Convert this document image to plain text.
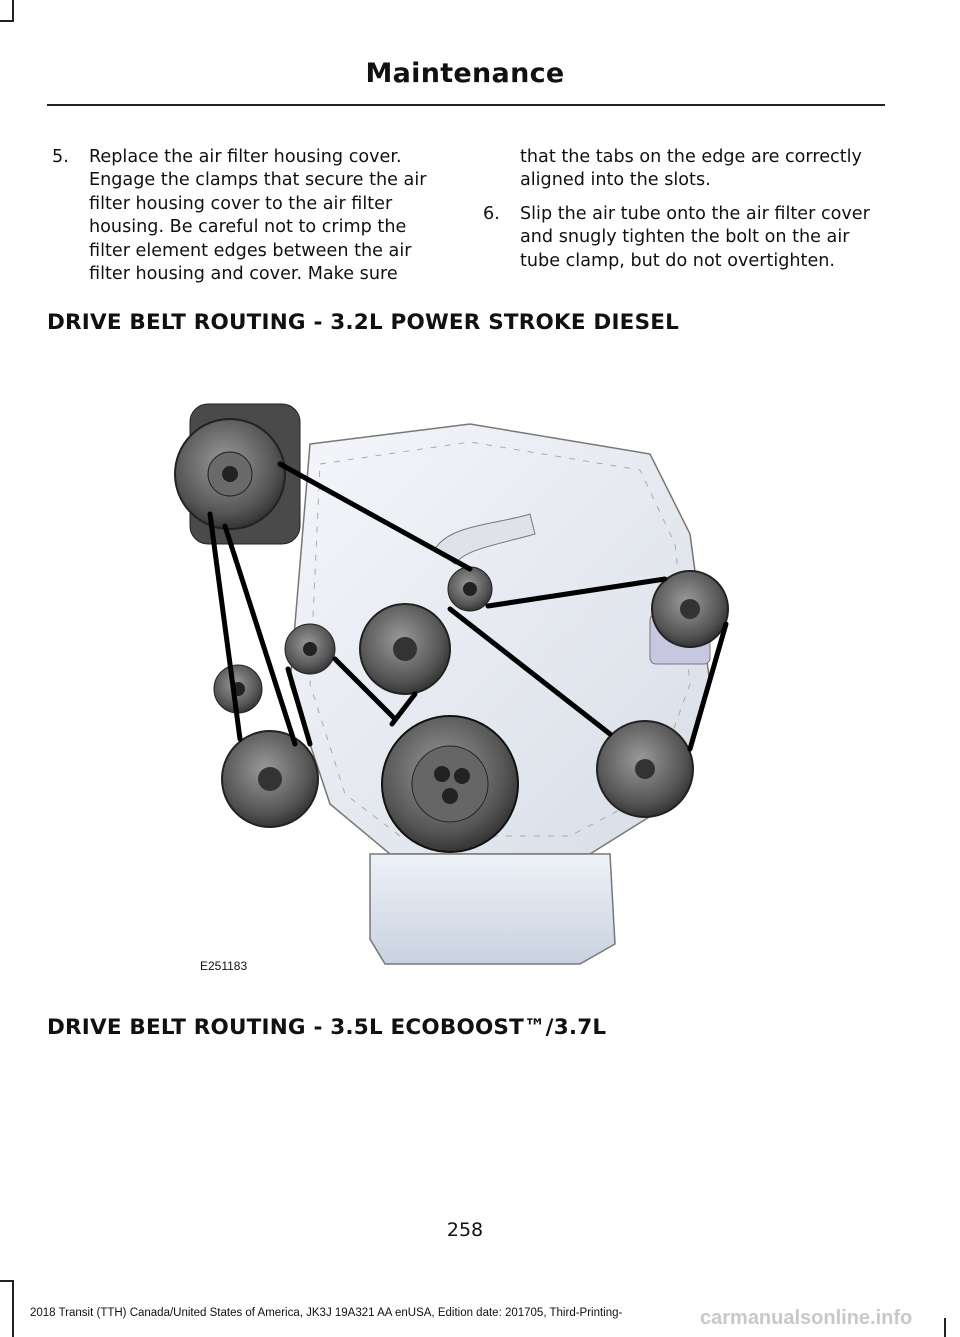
Maintenance
5. Replace the air filter housing cover. Engage the clamps that secure the air filter housing cover to the air filter housing. Be careful not to crimp the filter element edges between the air filter housing and cover. Make sure
that the tabs on the edge are correctly aligned into the slots.
6. Slip the air tube onto the air filter cover and snugly tighten the bolt on the air tube clamp, but do not overtighten.
DRIVE BELT ROUTING - 3.2L POWER STROKE DIESEL
E251183
DRIVE BELT ROUTING - 3.5L ECOBOOST™/3.7L
258
2018 Transit (TTH) Canada/United States of America, JK3J 19A321 AA enUSA, Edition date: 201705, Third-Printing-	carmanualsonline.info
